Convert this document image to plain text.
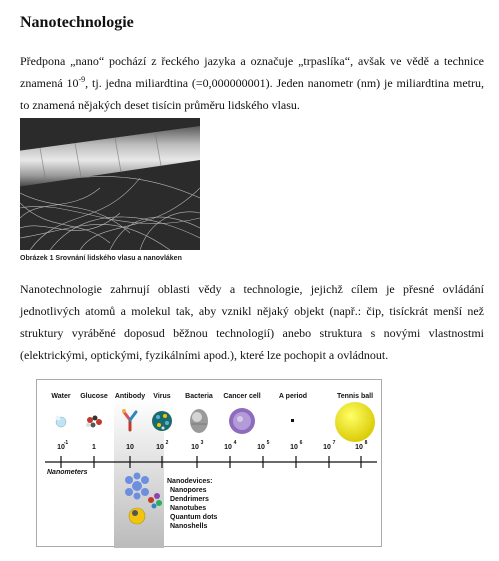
Nanotechnologie
Předpona „nano“ pochází z řeckého jazyka a označuje „trpaslíka“, avšak ve vědě a technice znamená $10^{-9}$, tj. jedna miliardtina (=0,000000001). Jeden nanometr (nm) je miliardtina metru, to znamená nějakých deset tisícin průměru lidského vlasu.
Obrázek 1 Srovnání lidského vlasu a nanovláken
Nanotechnologie zahrnují oblasti vědy a technologie, jejichž cílem je přesné ovládání jednotlivých atomů a molekul tak, aby vznikl nějaký objekt (např.: čip, tisíckrát menší než struktury vyráběné doposud běžnou technologií) anebo struktura s novými vlastnostmi (elektrickými, optickými, fyzikálními apod.), které lze pochopit a ovládnout.
Water Glucose Antibody Virus Bacteria Cancer cell	A period	Tennis ball
10
-1
1	10	10
2
10
3
10
4
10
5
10
6
10
7
10
8
Nanometers
Nanodevices:
Nanopores
Dendrimers
Nanotubes
Quantum dots
Nanoshells
